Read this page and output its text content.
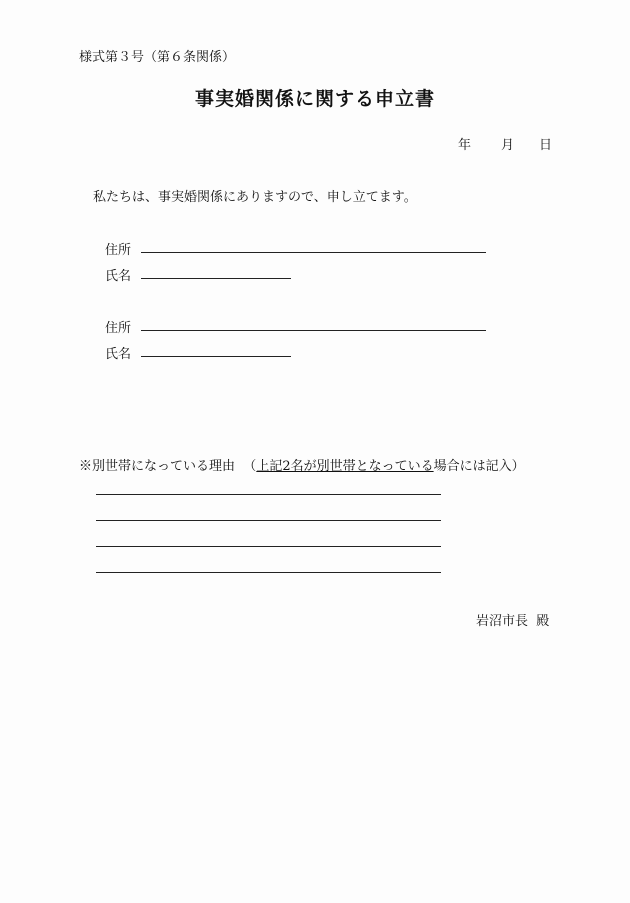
様式第３号（第６条関係）
事実婚関係に関する申立書
年 月 日
私たちは、事実婚関係にありますので、申し立てます。
住所
氏名
住所
氏名
※別世帯になっている理由 （上記2名が別世帯となっている場合には記入）
岩沼市長 殿
